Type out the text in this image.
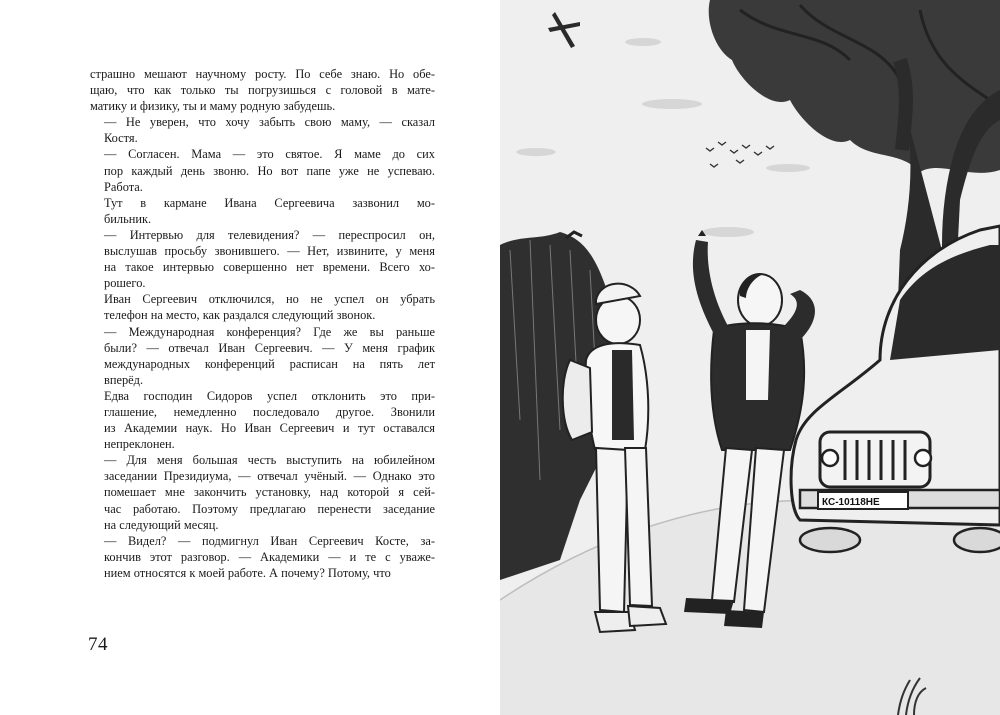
страшно мешают научному росту. По себе знаю. Но обе-
щаю, что как только ты погрузишься с головой в мате-
матику и физику, ты и маму родную забудешь.

— Не уверен, что хочу забыть свою маму, — сказал
Костя.

— Согласен. Мама — это святое. Я маме до сих
пор каждый день звоню. Но вот папе уже не успеваю.
Работа.

Тут в кармане Ивана Сергеевича зазвонил мо-
бильник.

— Интервью для телевидения? — переспросил он,
выслушав просьбу звонившего. — Нет, извините, у меня
на такое интервью совершенно нет времени. Всего хо-
рошего.

Иван Сергеевич отключился, но не успел он убрать
телефон на место, как раздался следующий звонок.

— Международная конференция? Где же вы раньше
были? — отвечал Иван Сергеевич. — У меня график
международных конференций расписан на пять лет
вперёд.

Едва господин Сидоров успел отклонить это при-
глашение, немедленно последовало другое. Звонили
из Академии наук. Но Иван Сергеевич и тут оставался
непреклонен.

— Для меня большая честь выступить на юбилейном
заседании Президиума, — отвечал учёный. — Однако это
помешает мне закончить установку, над которой я сей-
час работаю. Поэтому предлагаю перенести заседание
на следующий месяц.

— Видел? — подмигнул Иван Сергеевич Косте, за-
кончив этот разговор. — Академики — и те с уваже-
нием относятся к моей работе. А почему? Потому, что

74
КС-10118НЕ
